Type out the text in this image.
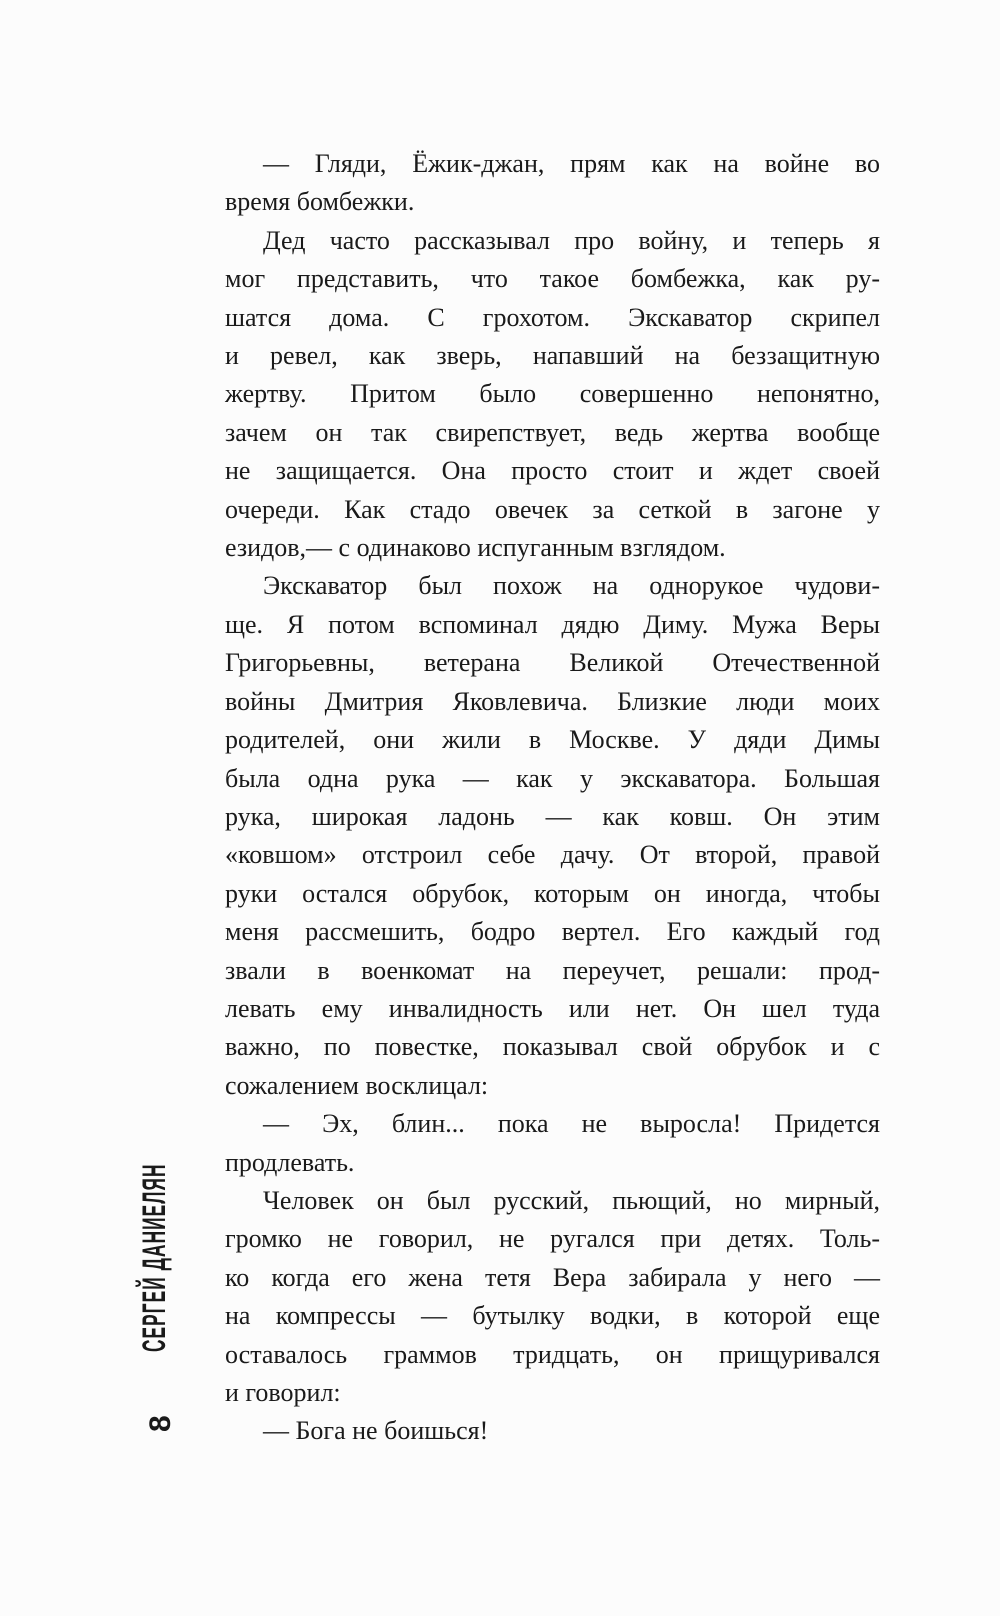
СЕРГЕЙ ДАНИЕЛЯН
8
— Гляди, Ёжик-джан, прям как на войне во
время бомбежки.
Дед часто рассказывал про войну, и теперь я
мог представить, что такое бомбежка, как ру-
шатся дома. С грохотом. Экскаватор скрипел
и ревел, как зверь, напавший на беззащитную
жертву. Притом было совершенно непонятно,
зачем он так свирепствует, ведь жертва вообще
не защищается. Она просто стоит и ждет своей
очереди. Как стадо овечек за сеткой в загоне у
езидов,— с одинаково испуганным взглядом.
Экскаватор был похож на однорукое чудови-
ще. Я потом вспоминал дядю Диму. Мужа Веры
Григорьевны, ветерана Великой Отечественной
войны Дмитрия Яковлевича. Близкие люди моих
родителей, они жили в Москве. У дяди Димы
была одна рука — как у экскаватора. Большая
рука, широкая ладонь — как ковш. Он этим
«ковшом» отстроил себе дачу. От второй, правой
руки остался обрубок, которым он иногда, чтобы
меня рассмешить, бодро вертел. Его каждый год
звали в военкомат на переучет, решали: прод-
левать ему инвалидность или нет. Он шел туда
важно, по повестке, показывал свой обрубок и с
сожалением восклицал:
— Эх, блин... пока не выросла! Придется
продлевать.
Человек он был русский, пьющий, но мирный,
громко не говорил, не ругался при детях. Толь-
ко когда его жена тетя Вера забирала у него —
на компрессы — бутылку водки, в которой еще
оставалось граммов тридцать, он прищуривался
и говорил:
— Бога не боишься!
